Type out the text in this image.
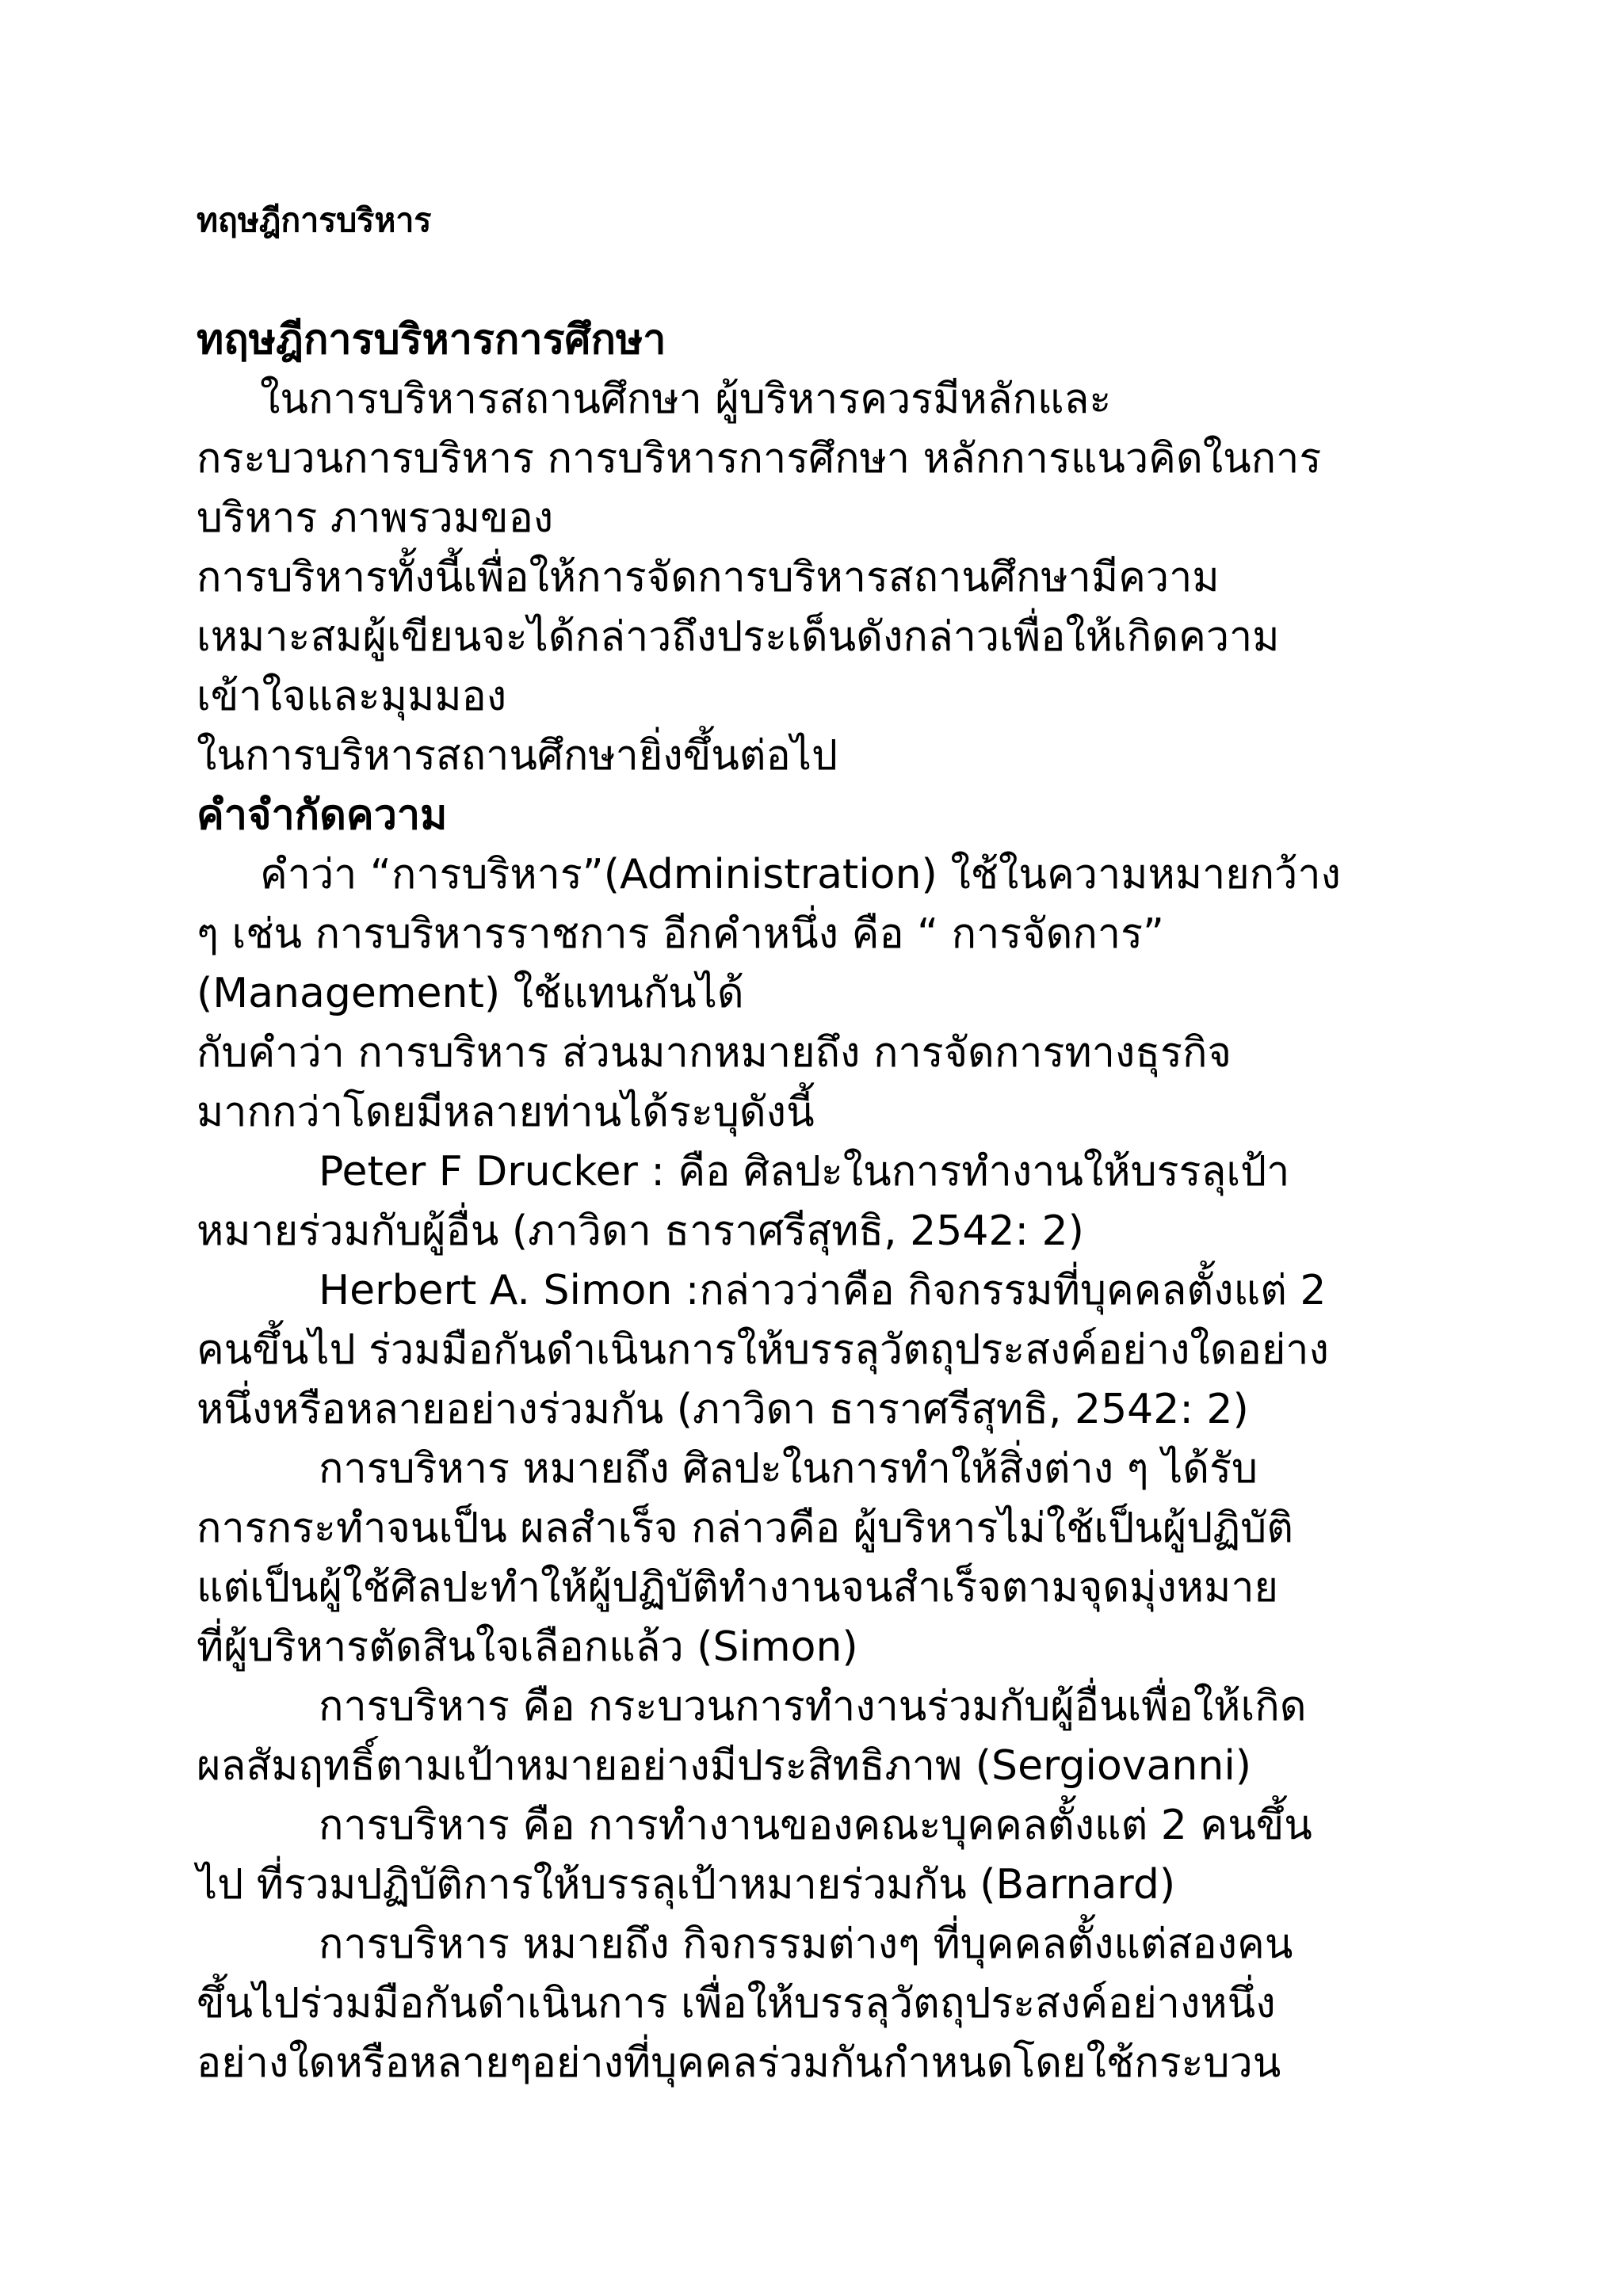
ทฤษฎีการบริหาร
ทฤษฎีการบริหารการศึกษา
ในการบริหารสถานศึกษา ผู้บริหารควรมีหลักและ
กระบวนการบริหาร การบริหารการศึกษา หลักการแนวคิดในการ
บริหาร ภาพรวมของ
การบริหารทั้งนี้เพื่อให้การจัดการบริหารสถานศึกษามีความ
เหมาะสมผู้เขียนจะได้กล่าวถึงประเด็นดังกล่าวเพื่อให้เกิดความ
เข้าใจและมุมมอง
ในการบริหารสถานศึกษายิ่งขึ้นต่อไป
คำจำกัดความ
คำว่า “การบริหาร”(Administration) ใช้ในความหมายกว้าง
ๆ เช่น การบริหารราชการ อีกคำหนึ่ง คือ “ การจัดการ”
(Management) ใช้แทนกันได้
กับคำว่า การบริหาร ส่วนมากหมายถึง การจัดการทางธุรกิจ
มากกว่าโดยมีหลายท่านได้ระบุดังนี้
Peter F Drucker : คือ ศิลปะในการทำงานให้บรรลุเป้า
หมายร่วมกับผู้อื่น (ภาวิดา ธาราศรีสุทธิ, 2542: 2)
Herbert A. Simon :กล่าวว่าคือ กิจกรรมที่บุคคลตั้งแต่ 2
คนขึ้นไป ร่วมมือกันดำเนินการให้บรรลุวัตถุประสงค์อย่างใดอย่าง
หนึ่งหรือหลายอย่างร่วมกัน (ภาวิดา ธาราศรีสุทธิ, 2542: 2)
การบริหาร หมายถึง ศิลปะในการทำให้สิ่งต่าง ๆ ได้รับ
การกระทำจนเป็น ผลสำเร็จ กล่าวคือ ผู้บริหารไม่ใช้เป็นผู้ปฏิบัติ
แต่เป็นผู้ใช้ศิลปะทำให้ผู้ปฏิบัติทำงานจนสำเร็จตามจุดมุ่งหมาย
ที่ผู้บริหารตัดสินใจเลือกแล้ว (Simon)
การบริหาร คือ กระบวนการทำงานร่วมกับผู้อื่นเพื่อให้เกิด
ผลสัมฤทธิ์ตามเป้าหมายอย่างมีประสิทธิภาพ (Sergiovanni)
การบริหาร คือ การทำงานของคณะบุคคลตั้งแต่ 2 คนขึ้น
ไป ที่รวมปฏิบัติการให้บรรลุเป้าหมายร่วมกัน (Barnard)
การบริหาร หมายถึง กิจกรรมต่างๆ ที่บุคคลตั้งแต่สองคน
ขึ้นไปร่วมมือกันดำเนินการ เพื่อให้บรรลุวัตถุประสงค์อย่างหนึ่ง
อย่างใดหรือหลายๆอย่างที่บุคคลร่วมกันกำหนดโดยใช้กระบวน
